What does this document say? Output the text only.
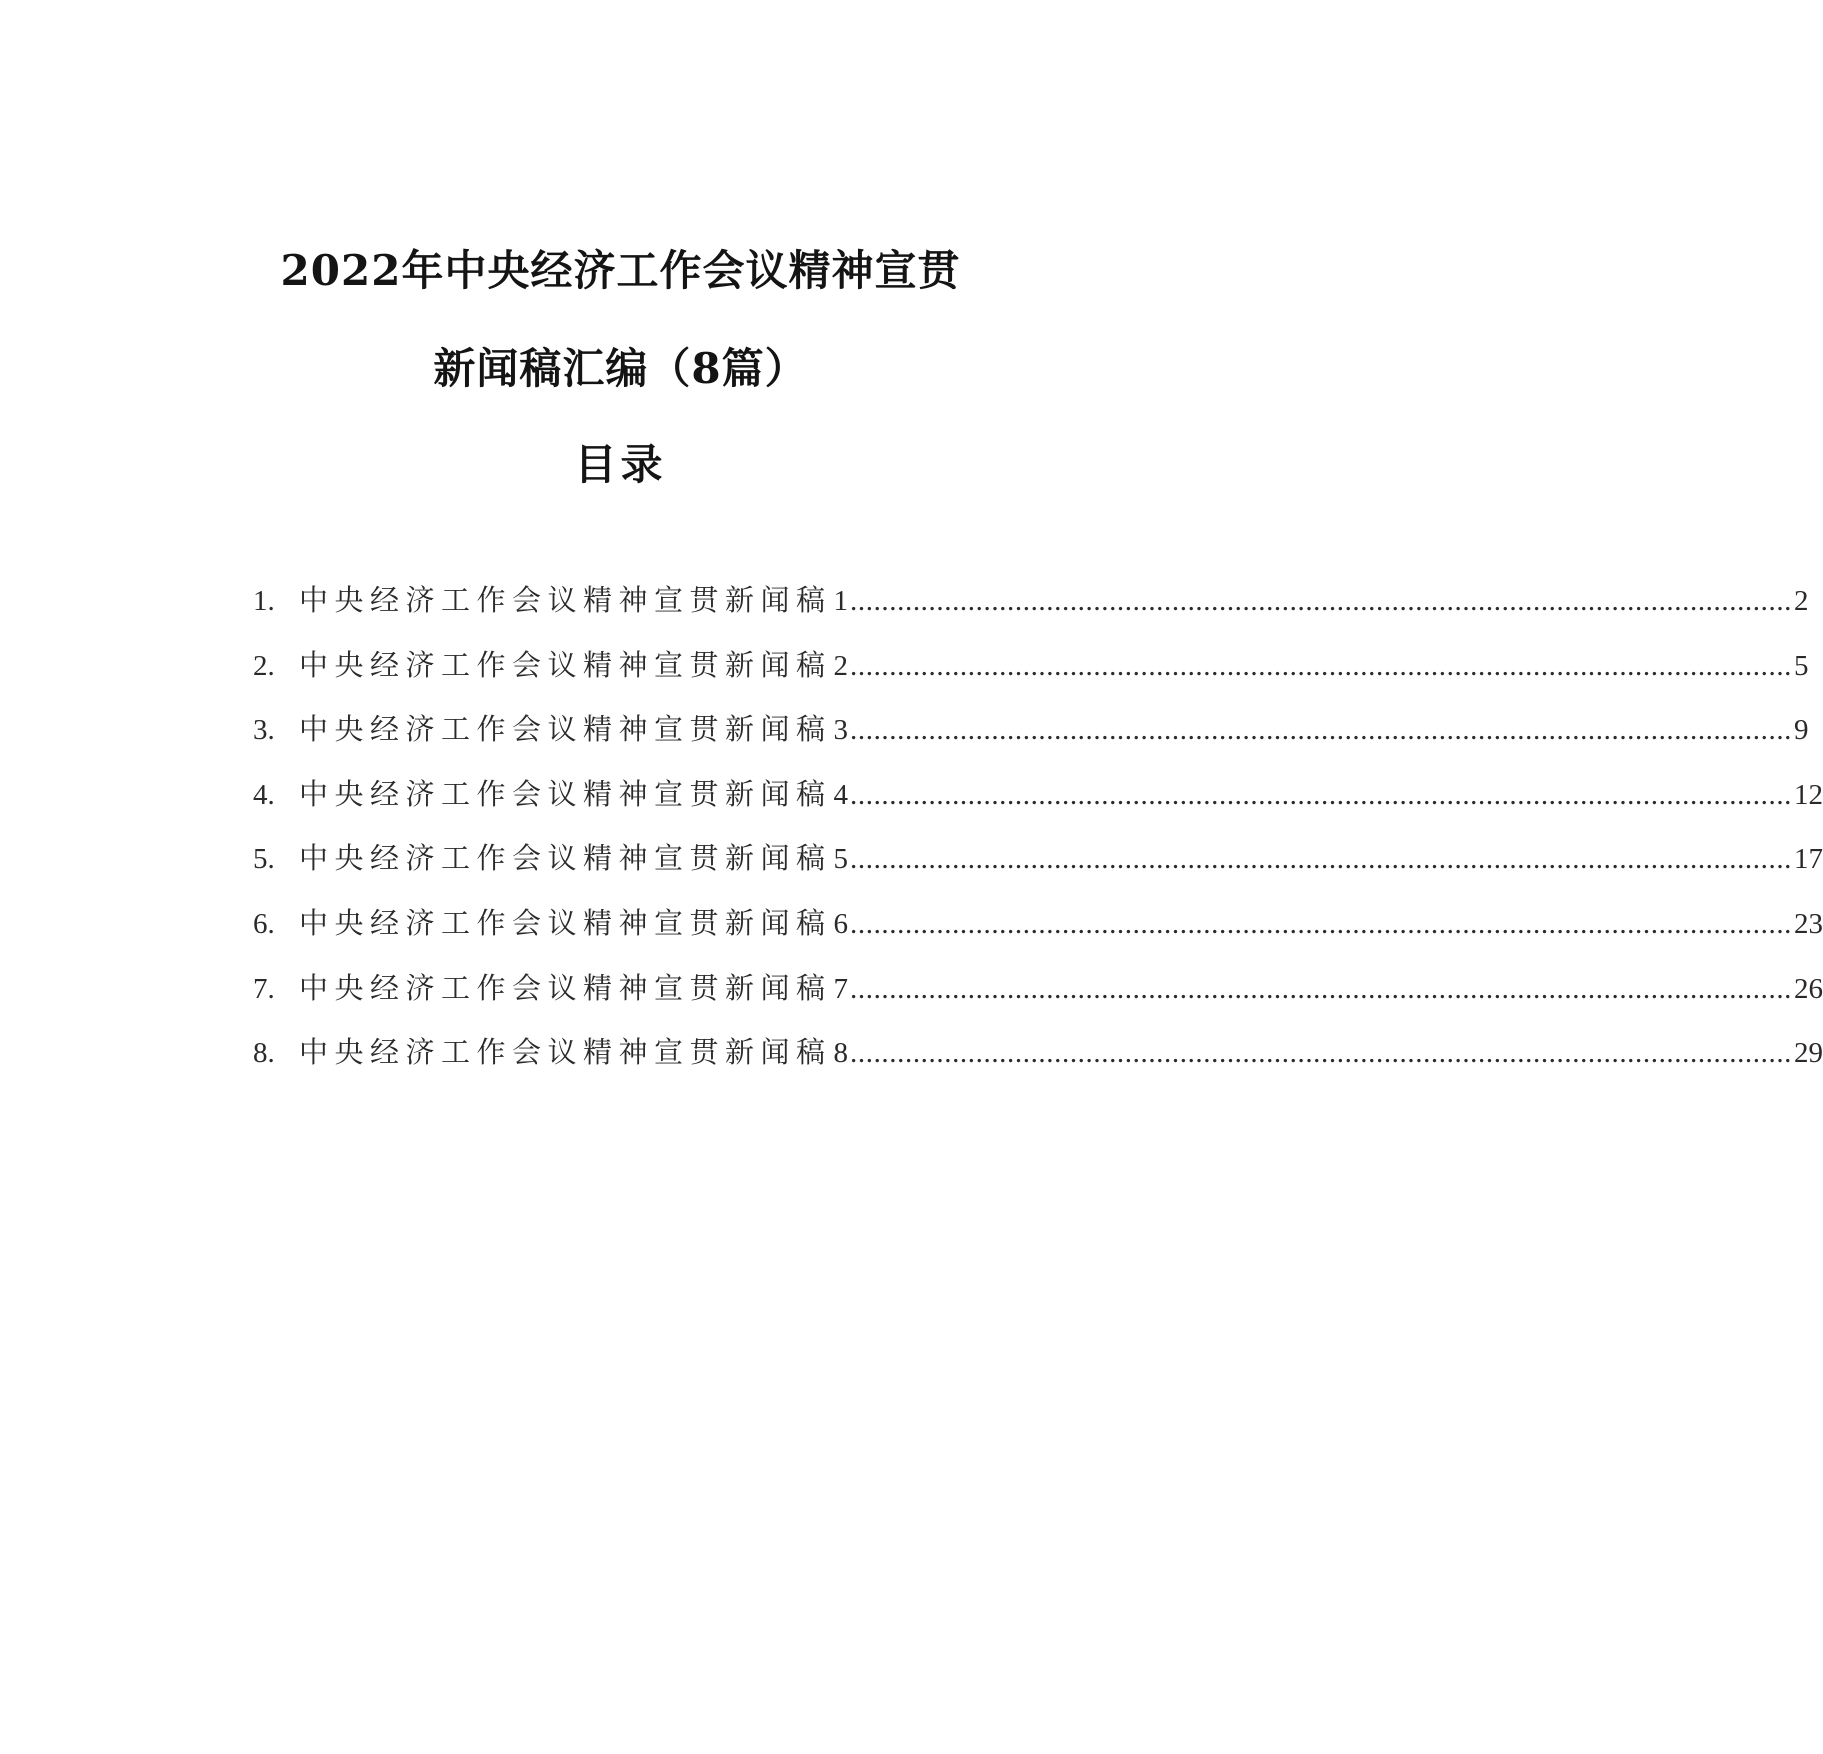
2022年中央经济工作会议精神宣贯
新闻稿汇编（8篇）
目录
1. 中央经济工作会议精神宣贯新闻稿 1 ........................................................................................................................ 2
2. 中央经济工作会议精神宣贯新闻稿 2 ........................................................................................................................ 5
3. 中央经济工作会议精神宣贯新闻稿 3 ........................................................................................................................ 9
4. 中央经济工作会议精神宣贯新闻稿 4 ........................................................................................................................ 12
5. 中央经济工作会议精神宣贯新闻稿 5 ........................................................................................................................ 17
6. 中央经济工作会议精神宣贯新闻稿 6 ........................................................................................................................ 23
7. 中央经济工作会议精神宣贯新闻稿 7 ........................................................................................................................ 26
8. 中央经济工作会议精神宣贯新闻稿 8 ........................................................................................................................ 29
